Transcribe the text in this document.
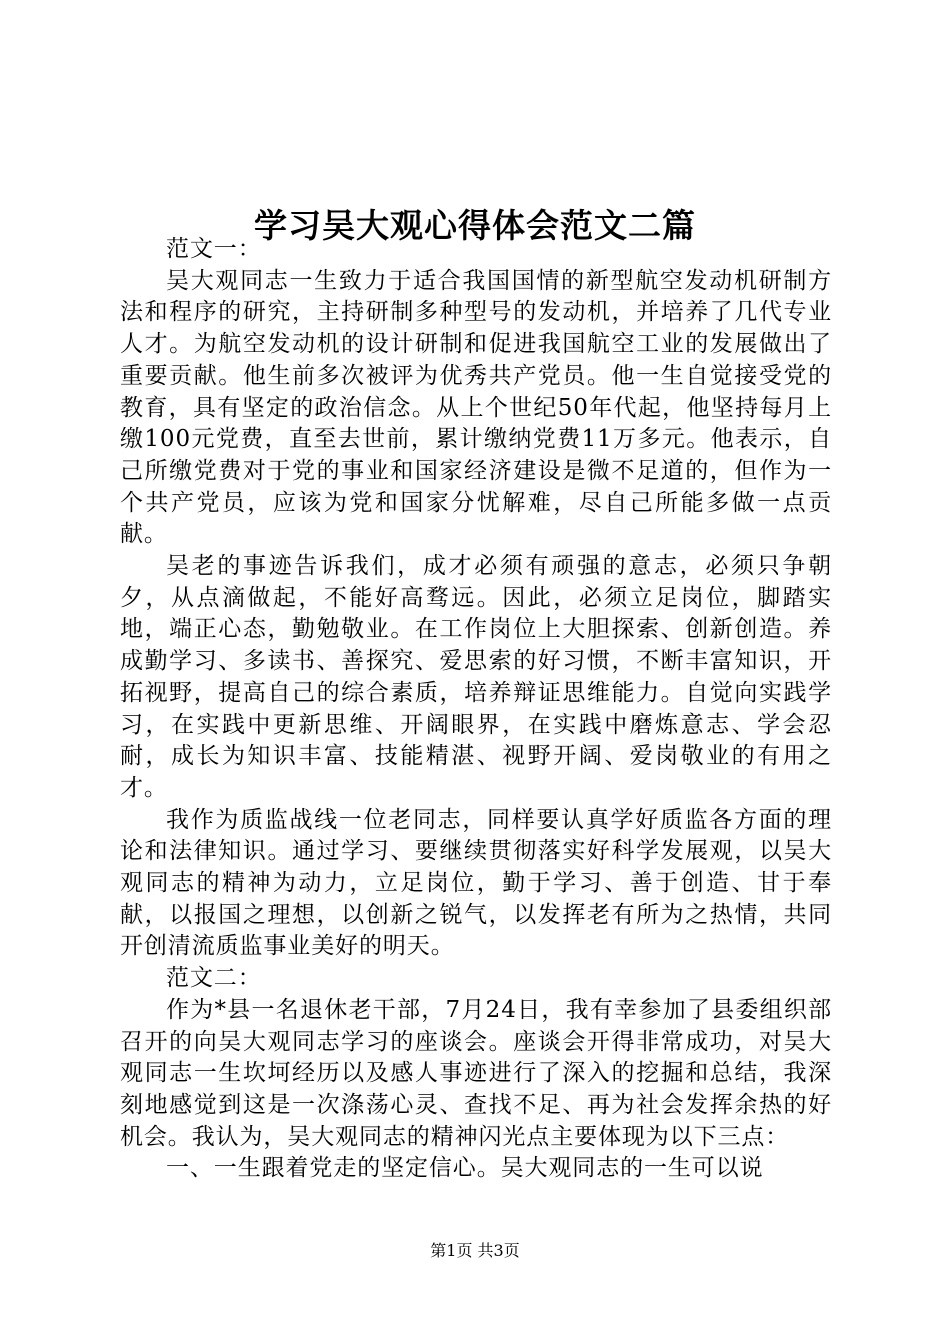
学习吴大观心得体会范文二篇

范文一：

吴大观同志一生致力于适合我国国情的新型航空发动机研制方法和程序的研究，主持研制多种型号的发动机，并培养了几代专业人才。为航空发动机的设计研制和促进我国航空工业的发展做出了重要贡献。他生前多次被评为优秀共产党员。他一生自觉接受党的教育，具有坚定的政治信念。从上个世纪50年代起，他坚持每月上缴100元党费，直至去世前，累计缴纳党费11万多元。他表示，自己所缴党费对于党的事业和国家经济建设是微不足道的，但作为一个共产党员，应该为党和国家分忧解难，尽自己所能多做一点贡献。

吴老的事迹告诉我们，成才必须有顽强的意志，必须只争朝夕，从点滴做起，不能好高骛远。因此，必须立足岗位，脚踏实地，端正心态，勤勉敬业。在工作岗位上大胆探索、创新创造。养成勤学习、多读书、善探究、爱思索的好习惯，不断丰富知识，开拓视野，提高自己的综合素质，培养辩证思维能力。自觉向实践学习，在实践中更新思维、开阔眼界，在实践中磨炼意志、学会忍耐，成长为知识丰富、技能精湛、视野开阔、爱岗敬业的有用之才。

我作为质监战线一位老同志，同样要认真学好质监各方面的理论和法律知识。通过学习、要继续贯彻落实好科学发展观，以吴大观同志的精神为动力，立足岗位，勤于学习、善于创造、甘于奉献，以报国之理想，以创新之锐气，以发挥老有所为之热情，共同开创清流质监事业美好的明天。

范文二：

作为*县一名退休老干部，7月24日，我有幸参加了县委组织部召开的向吴大观同志学习的座谈会。座谈会开得非常成功，对吴大观同志一生坎坷经历以及感人事迹进行了深入的挖掘和总结，我深刻地感觉到这是一次涤荡心灵、查找不足、再为社会发挥余热的好机会。我认为，吴大观同志的精神闪光点主要体现为以下三点：

一、一生跟着党走的坚定信心。吴大观同志的一生可以说

第1页 共3页
